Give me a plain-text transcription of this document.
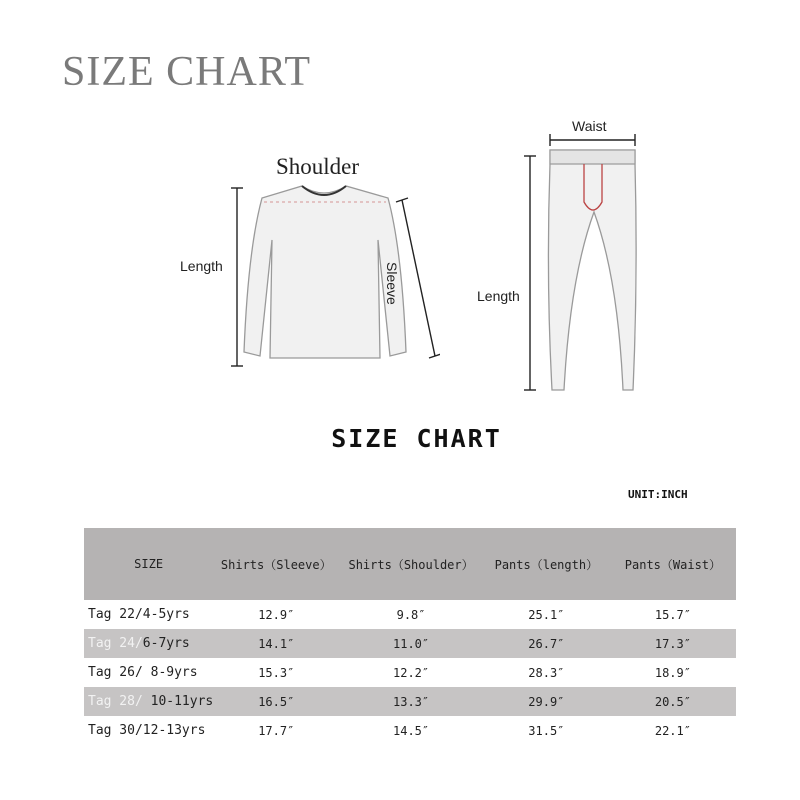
SIZE CHART
Shoulder
Length	Sleeve
Waist
Length
SIZE CHART
UNIT:INCH
SIZE	Shirts（Sleeve）	Shirts（Shoulder）	Pants（length）	Pants（Waist）
Tag 22/4-5yrs	12.9″	9.8″	25.1″	15.7″
Tag 24/6-7yrs	14.1″	11.0″	26.7″	17.3″
Tag 26/ 8-9yrs	15.3″	12.2″	28.3″	18.9″
Tag 28/ 10-11yrs	16.5″	13.3″	29.9″	20.5″
Tag 30/12-13yrs	17.7″	14.5″	31.5″	22.1″
